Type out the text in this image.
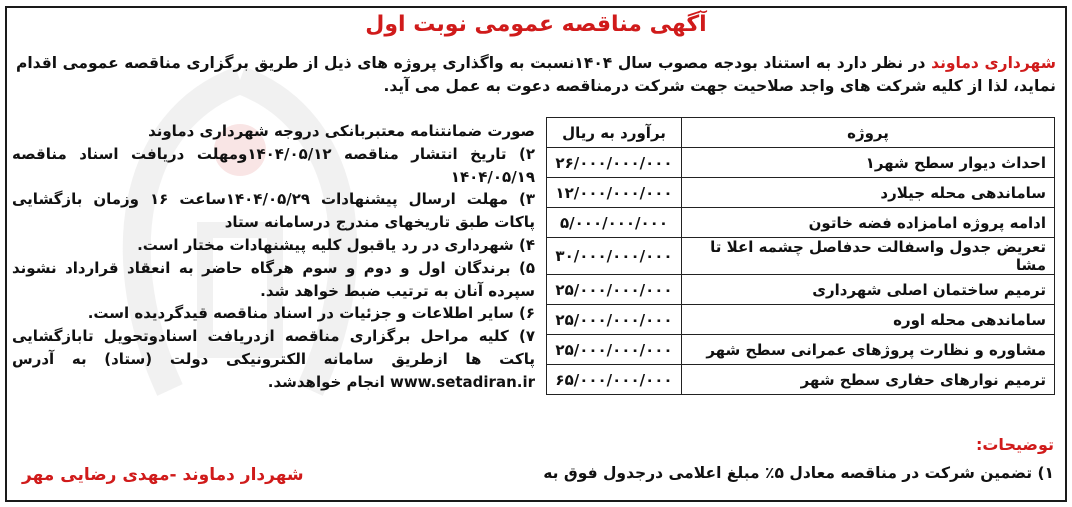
آگهی مناقصه عمومی نوبت اول
شهرداری دماوند در نظر دارد به استناد بودجه مصوب سال ۱۴۰۴نسبت به واگذاری پروژه های ذیل از طریق برگزاری مناقصه عمومی اقدام نماید، لذا از کلیه شرکت های واجد صلاحیت جهت شرکت درمناقصه دعوت به عمل می آید.
پروژه	برآورد به ریال
احداث دیوار سطح شهر۱	۲۶/۰۰۰/۰۰۰/۰۰۰
ساماندهی محله جیلارد	۱۲/۰۰۰/۰۰۰/۰۰۰
ادامه پروژه امامزاده فضه خاتون	۵/۰۰۰/۰۰۰/۰۰۰
تعریض جدول واسفالت حدفاصل چشمه اعلا تا مشا	۳۰/۰۰۰/۰۰۰/۰۰۰
ترمیم ساختمان اصلی شهرداری	۲۵/۰۰۰/۰۰۰/۰۰۰
ساماندهی محله اوره	۲۵/۰۰۰/۰۰۰/۰۰۰
مشاوره و نظارت پروژهای عمرانی سطح شهر	۲۵/۰۰۰/۰۰۰/۰۰۰
ترمیم نوارهای حفاری سطح شهر	۶۵/۰۰۰/۰۰۰/۰۰۰
توضیحات:
۱) تضمین شرکت در مناقصه معادل ۵٪ مبلغ اعلامی درجدول فوق به

صورت ضمانتنامه معتبربانکی دروجه شهرداری دماوند

۲) تاریخ انتشار مناقصه ۱۴۰۴/۰۵/۱۲ومهلت دریافت اسناد مناقصه ۱۴۰۴/۰۵/۱۹

۳) مهلت ارسال پیشنهادات ۱۴۰۴/۰۵/۲۹ساعت ۱۶ وزمان بازگشایی پاکات طبق تاریخهای مندرج درسامانه ستاد

۴) شهرداری در رد یاقبول کلیه پیشنهادات مختار است.

۵) برندگان اول و دوم و سوم هرگاه حاضر به انعقاد قرارداد نشوند سپرده آنان به ترتیب ضبط خواهد شد.

۶) سایر اطلاعات و جزئیات در اسناد مناقصه قیدگردیده است.

۷) کلیه مراحل برگزاری مناقصه ازدریافت اسنادوتحویل تابازگشایی پاکت ها ازطریق سامانه الکترونیکی دولت (ستاد) به آدرس www.setadiran.ir انجام خواهدشد.

شهردار دماوند -مهدی رضایی مهر
